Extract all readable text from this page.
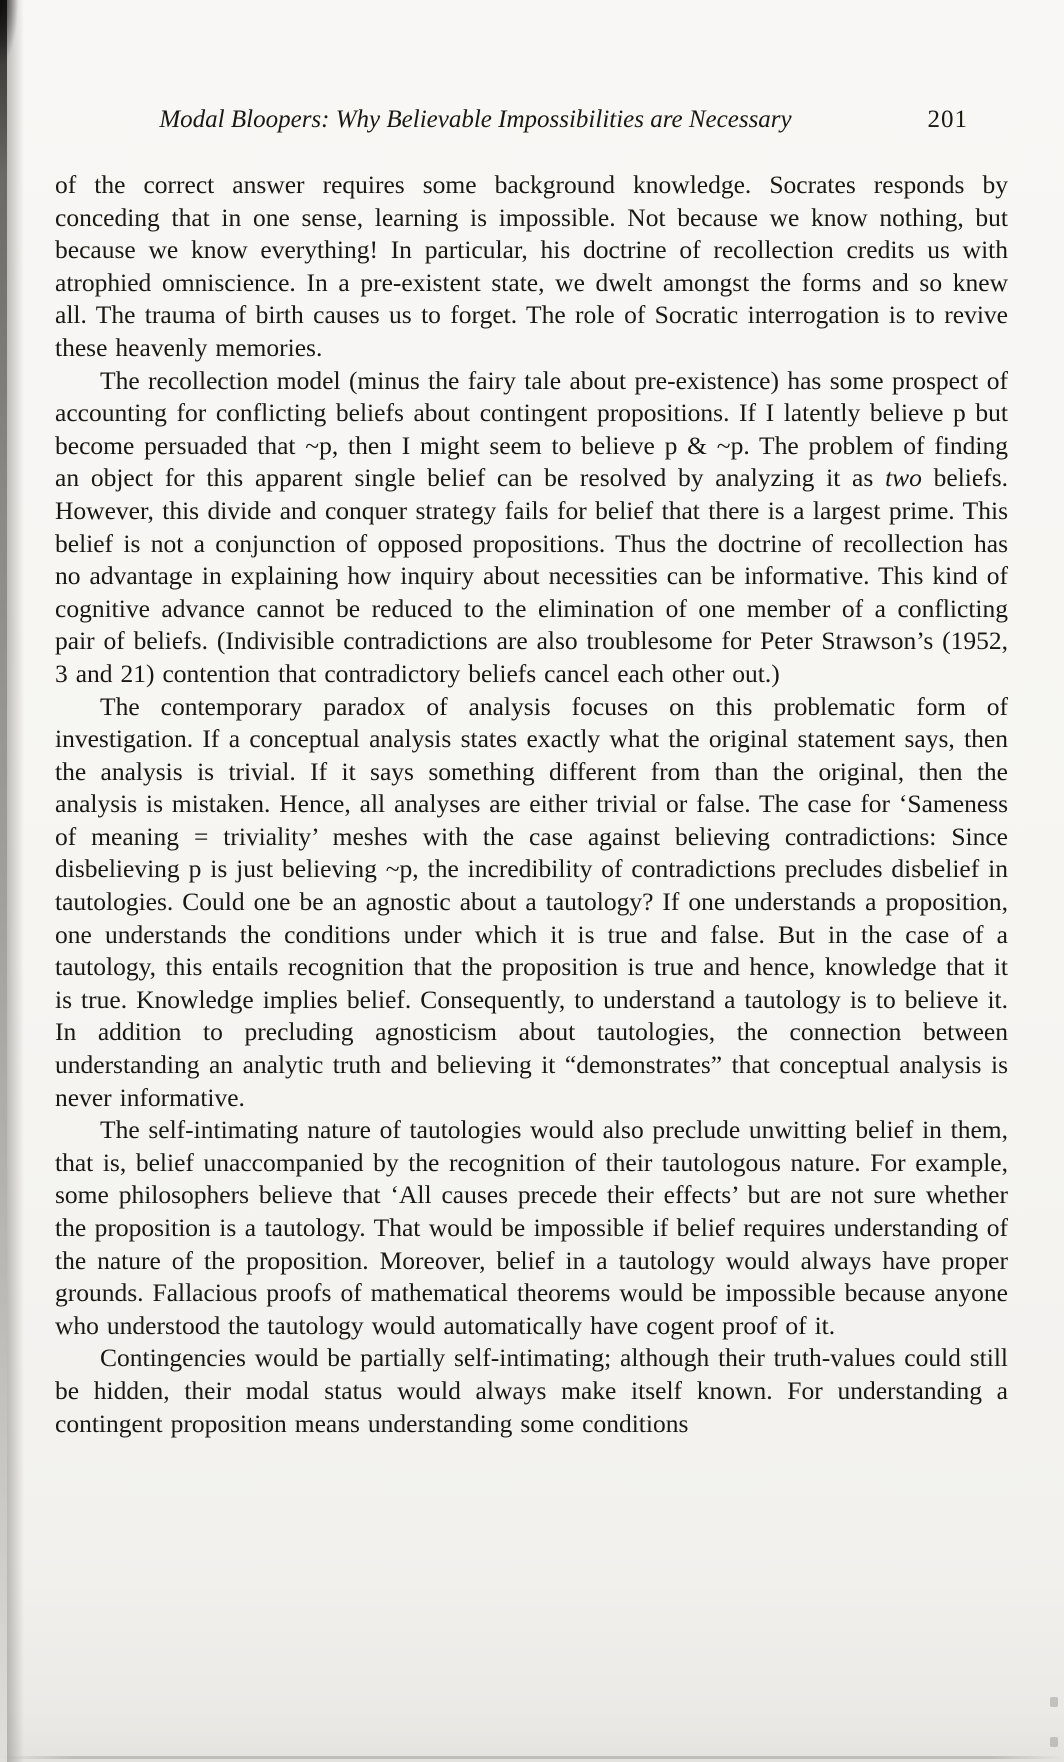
Modal Bloopers: Why Believable Impossibilities are Necessary	201

of the correct answer requires some background knowledge. Socrates responds by conceding that in one sense, learning is impossible. Not because we know nothing, but because we know everything! In particular, his doctrine of recollection credits us with atrophied omniscience. In a pre-existent state, we dwelt amongst the forms and so knew all. The trauma of birth causes us to forget. The role of Socratic interrogation is to revive these heavenly memories.

The recollection model (minus the fairy tale about pre-existence) has some prospect of accounting for conflicting beliefs about contingent propositions. If I latently believe p but become persuaded that ~p, then I might seem to believe p & ~p. The problem of finding an object for this apparent single belief can be resolved by analyzing it as two beliefs. However, this divide and conquer strategy fails for belief that there is a largest prime. This belief is not a conjunction of opposed propositions. Thus the doctrine of recollection has no advantage in explaining how inquiry about necessities can be informative. This kind of cognitive advance cannot be reduced to the elimination of one member of a conflicting pair of beliefs. (Indivisible contradictions are also troublesome for Peter Strawson’s (1952, 3 and 21) contention that contradictory beliefs cancel each other out.)

The contemporary paradox of analysis focuses on this problematic form of investigation. If a conceptual analysis states exactly what the original statement says, then the analysis is trivial. If it says something different from than the original, then the analysis is mistaken. Hence, all analyses are either trivial or false. The case for ‘Sameness of meaning = triviality’ meshes with the case against believing contradictions: Since disbelieving p is just believing ~p, the incredibility of contradictions precludes disbelief in tautologies. Could one be an agnostic about a tautology? If one understands a proposition, one understands the conditions under which it is true and false. But in the case of a tautology, this entails recognition that the proposition is true and hence, knowledge that it is true. Knowledge implies belief. Consequently, to understand a tautology is to believe it. In addition to precluding agnosticism about tautologies, the connection between understanding an analytic truth and believing it “demonstrates” that conceptual analysis is never informative.

The self-intimating nature of tautologies would also preclude unwitting belief in them, that is, belief unaccompanied by the recognition of their tautologous nature. For example, some philosophers believe that ‘All causes precede their effects’ but are not sure whether the proposition is a tautology. That would be impossible if belief requires understanding of the nature of the proposition. Moreover, belief in a tautology would always have proper grounds. Fallacious proofs of mathematical theorems would be impossible because anyone who understood the tautology would automatically have cogent proof of it.

Contingencies would be partially self-intimating; although their truth-values could still be hidden, their modal status would always make itself known. For understanding a contingent proposition means understanding some conditions
